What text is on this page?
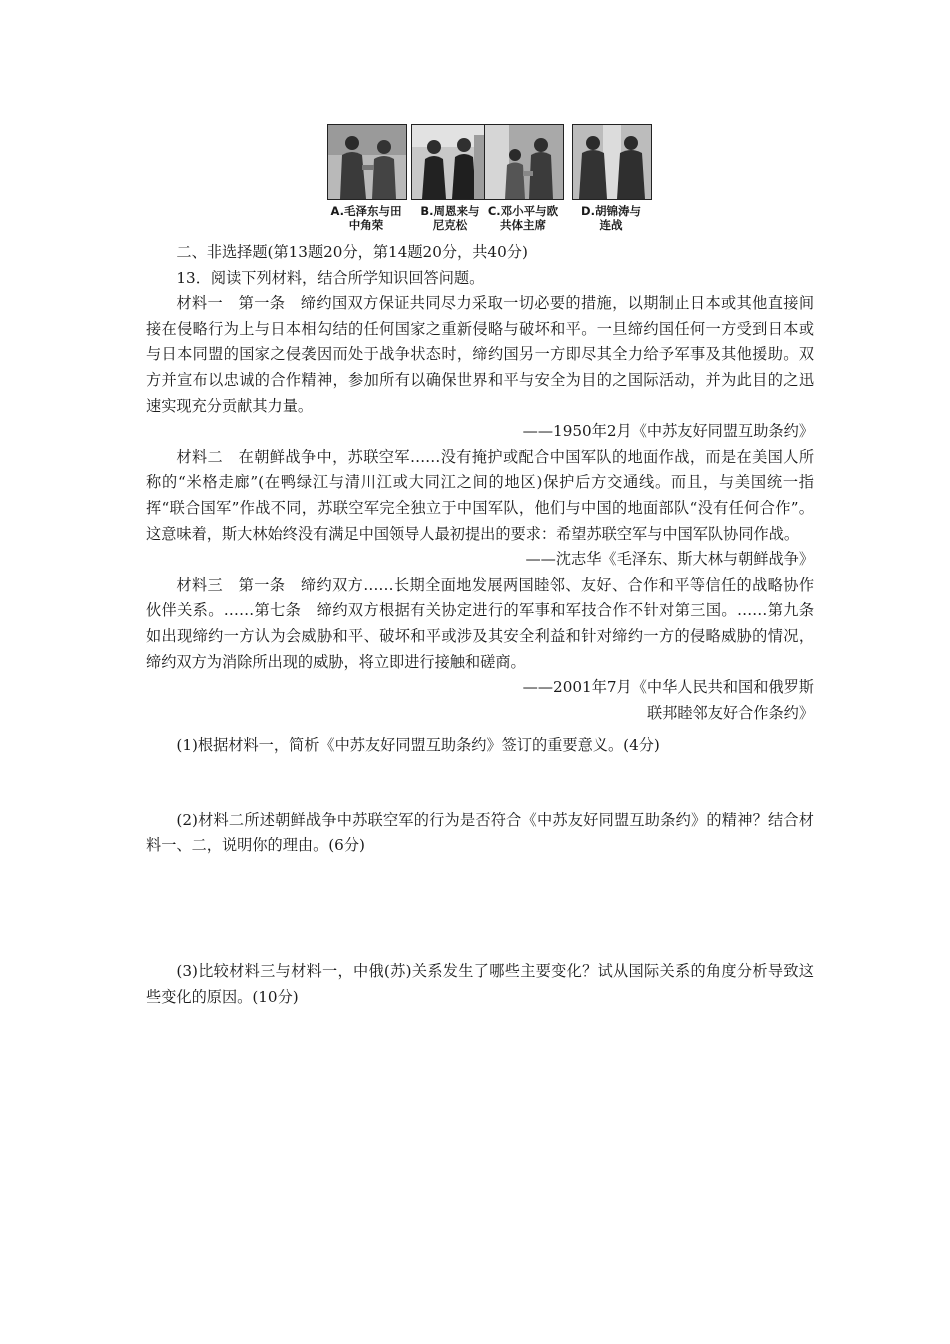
A.毛泽东与田
中角荣
B.周恩来与
尼克松
C.邓小平与欧
共体主席
D.胡锦涛与
连战

二、非选择题(第13题20分，第14题20分，共40分)

13．阅读下列材料，结合所学知识回答问题。

材料一　第一条　缔约国双方保证共同尽力采取一切必要的措施，以期制止日本或其他直接间接在侵略行为上与日本相勾结的任何国家之重新侵略与破坏和平。一旦缔约国任何一方受到日本或与日本同盟的国家之侵袭因而处于战争状态时，缔约国另一方即尽其全力给予军事及其他援助。双方并宣布以忠诚的合作精神，参加所有以确保世界和平与安全为目的之国际活动，并为此目的之迅速实现充分贡献其力量。

——1950年2月《中苏友好同盟互助条约》

材料二　在朝鲜战争中，苏联空军……没有掩护或配合中国军队的地面作战，而是在美国人所称的“米格走廊”(在鸭绿江与清川江或大同江之间的地区)保护后方交通线。而且，与美国统一指挥“联合国军”作战不同，苏联空军完全独立于中国军队，他们与中国的地面部队“没有任何合作”。这意味着，斯大林始终没有满足中国领导人最初提出的要求：希望苏联空军与中国军队协同作战。

——沈志华《毛泽东、斯大林与朝鲜战争》

材料三　第一条　缔约双方……长期全面地发展两国睦邻、友好、合作和平等信任的战略协作伙伴关系。……第七条　缔约双方根据有关协定进行的军事和军技合作不针对第三国。……第九条　如出现缔约一方认为会威胁和平、破坏和平或涉及其安全利益和针对缔约一方的侵略威胁的情况，缔约双方为消除所出现的威胁，将立即进行接触和磋商。

——2001年7月《中华人民共和国和俄罗斯

联邦睦邻友好合作条约》

(1)根据材料一，简析《中苏友好同盟互助条约》签订的重要意义。(4分)

(2)材料二所述朝鲜战争中苏联空军的行为是否符合《中苏友好同盟互助条约》的精神？结合材料一、二，说明你的理由。(6分)

(3)比较材料三与材料一，中俄(苏)关系发生了哪些主要变化？试从国际关系的角度分析导致这些变化的原因。(10分)
